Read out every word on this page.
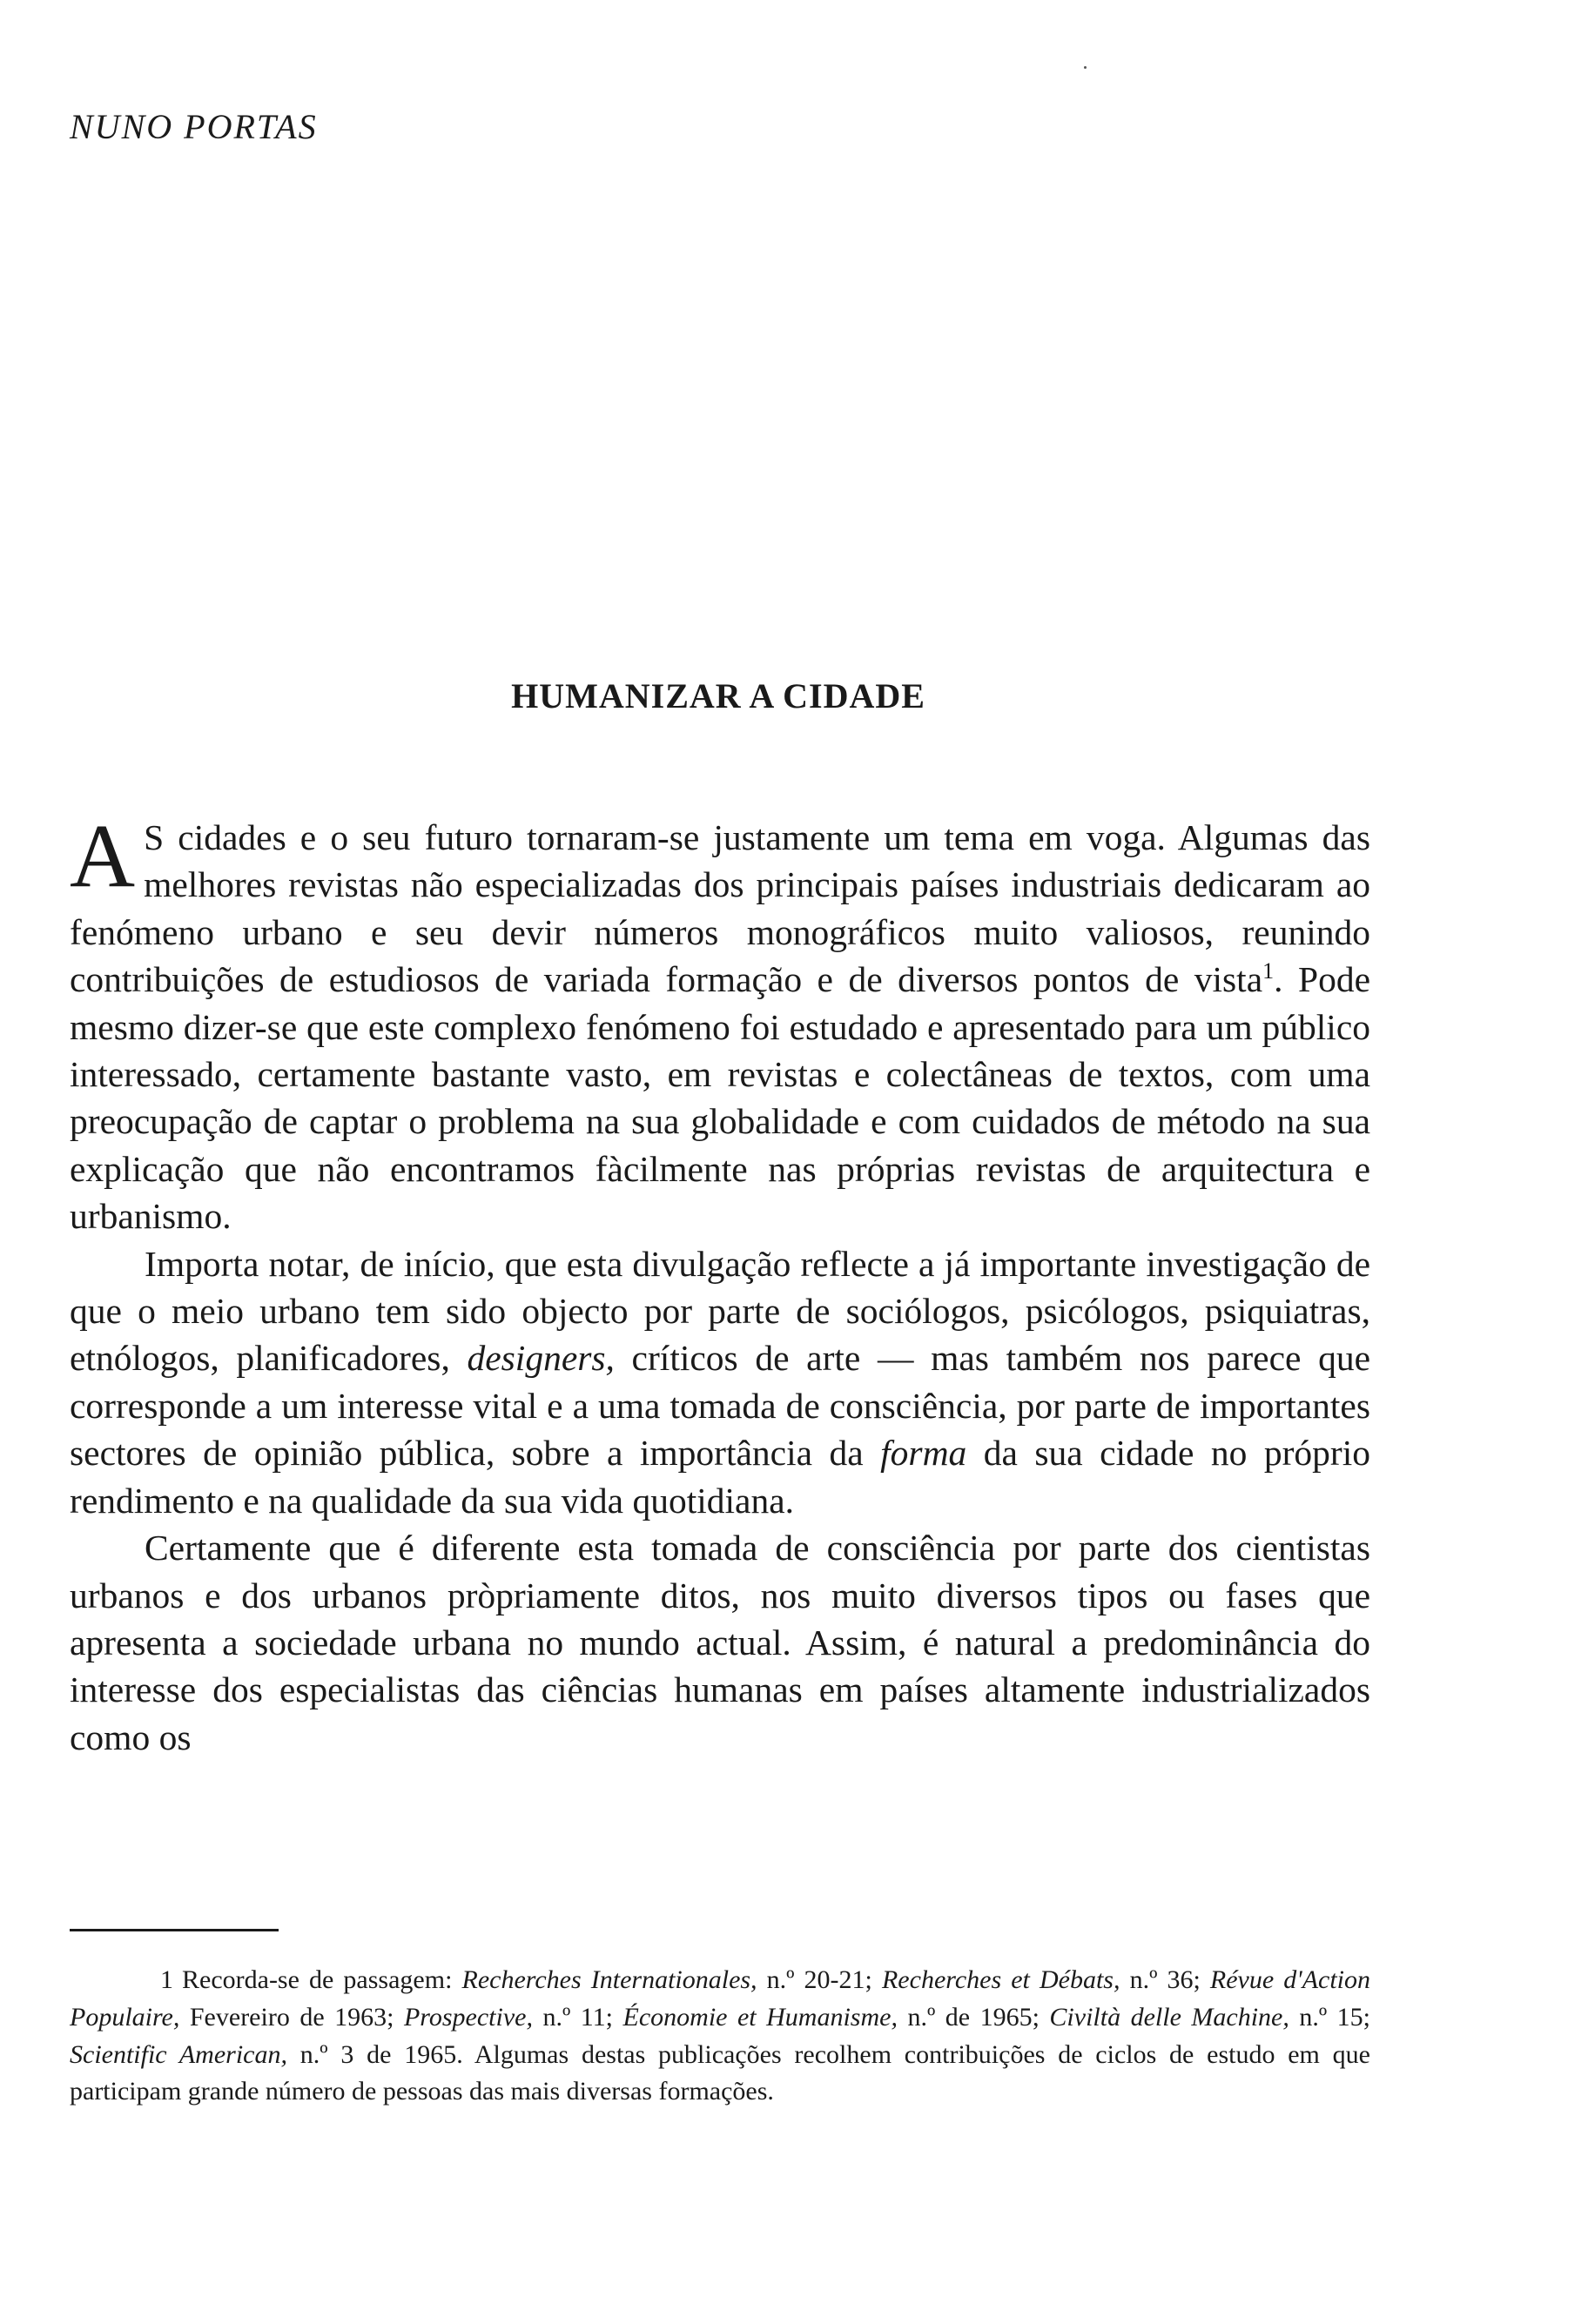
NUNO PORTAS
HUMANIZAR A CIDADE

A S cidades e o seu futuro tornaram-se justamente um tema em voga. Algumas das melhores revistas não especializadas dos principais países industriais dedicaram ao fenómeno urbano e seu devir números monográficos muito valiosos, reunindo contribuições de estudiosos de variada formação e de diversos pontos de vista$^1$. Pode mesmo dizer-se que este complexo fenómeno foi estudado e apresentado para um público interessado, certamente bastante vasto, em revistas e colectâneas de textos, com uma preocupação de captar o problema na sua globalidade e com cuidados de método na sua explicação que não encontramos fàcilmente nas próprias revistas de arquitectura e urbanismo.

Importa notar, de início, que esta divulgação reflecte a já importante investigação de que o meio urbano tem sido objecto por parte de sociólogos, psicólogos, psiquiatras, etnólogos, planificadores, designers, críticos de arte — mas também nos parece que corresponde a um interesse vital e a uma tomada de consciência, por parte de importantes sectores de opinião pública, sobre a importância da forma da sua cidade no próprio rendimento e na qualidade da sua vida quotidiana.

Certamente que é diferente esta tomada de consciência por parte dos cientistas urbanos e dos urbanos pròpriamente ditos, nos muito diversos tipos ou fases que apresenta a sociedade urbana no mundo actual. Assim, é natural a predominância do interesse dos especialistas das ciências humanas em países altamente industrializados como os

1 Recorda-se de passagem: Recherches Internationales, n.º 20-21; Recherches et Débats, n.º 36; Révue d'Action Populaire, Fevereiro de 1963; Prospective, n.º 11; Économie et Humanisme, n.º de 1965; Civiltà delle Machine, n.º 15; Scientific American, n.º 3 de 1965. Algumas destas publicações recolhem contribuições de ciclos de estudo em que participam grande número de pessoas das mais diversas formações.
